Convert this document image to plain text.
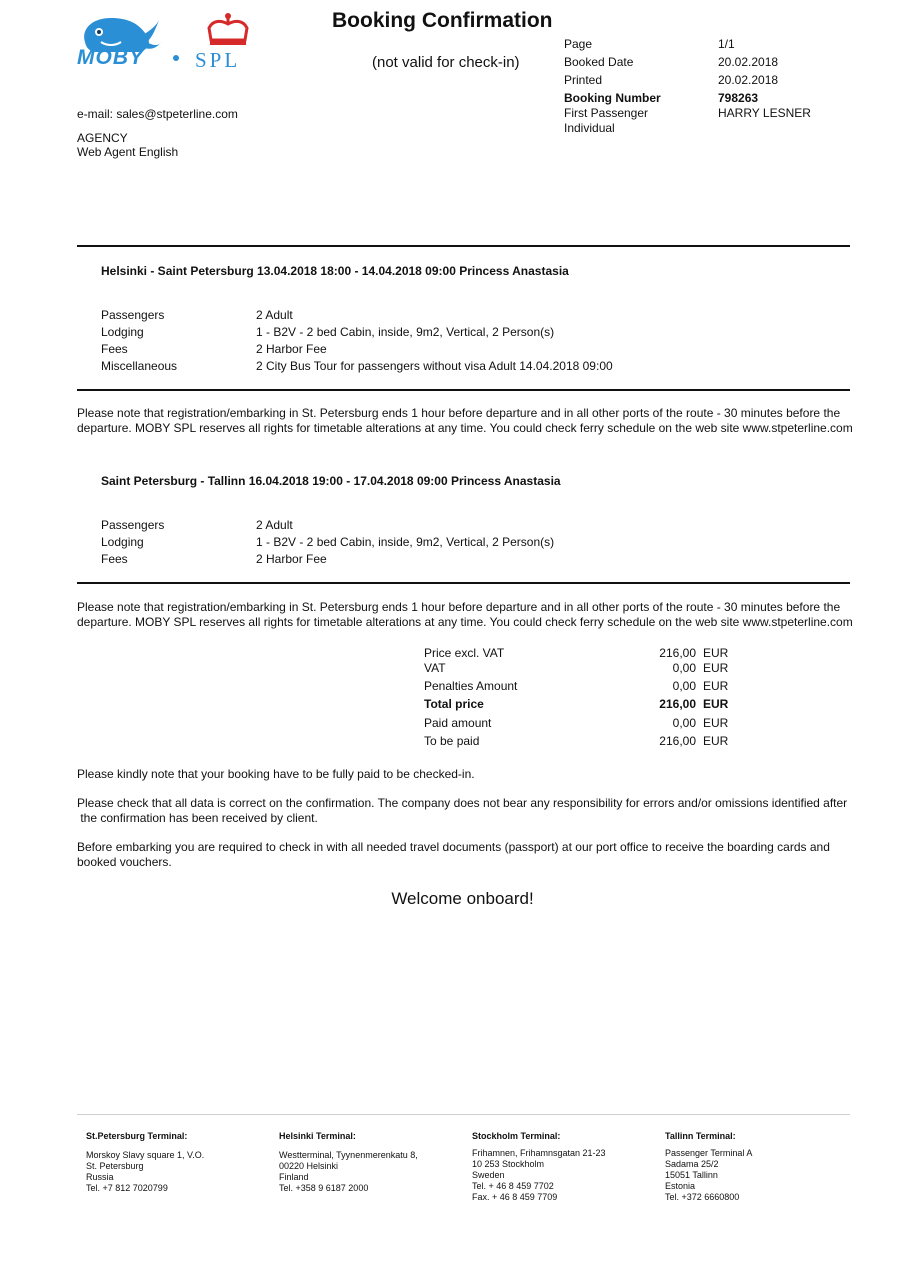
MOBY SPL
Booking Confirmation
(not valid for check-in)
Page	1/1
Booked Date	20.02.2018
Printed	20.02.2018
Booking Number	798263
First Passenger	HARRY LESNER
Individual
e-mail: sales@stpeterline.com
AGENCY
Web Agent English
Helsinki - Saint Petersburg 13.04.2018 18:00 - 14.04.2018 09:00 Princess Anastasia
Passengers	2 Adult
Lodging	1 - B2V - 2 bed Cabin, inside, 9m2, Vertical, 2 Person(s)
Fees	2 Harbor Fee
Miscellaneous	2 City Bus Tour for passengers without visa Adult 14.04.2018 09:00
Please note that registration/embarking in St. Petersburg ends 1 hour before departure and in all other ports of the route - 30 minutes before the
departure. MOBY SPL reserves all rights for timetable alterations at any time. You could check ferry schedule on the web site www.stpeterline.com
Saint Petersburg - Tallinn 16.04.2018 19:00 - 17.04.2018 09:00 Princess Anastasia
Passengers	2 Adult
Lodging	1 - B2V - 2 bed Cabin, inside, 9m2, Vertical, 2 Person(s)
Fees	2 Harbor Fee
Please note that registration/embarking in St. Petersburg ends 1 hour before departure and in all other ports of the route - 30 minutes before the
departure. MOBY SPL reserves all rights for timetable alterations at any time. You could check ferry schedule on the web site www.stpeterline.com
Price excl. VAT	216,00 EUR
VAT	0,00 EUR
Penalties Amount	0,00 EUR
Total price	216,00 EUR
Paid amount	0,00 EUR
To be paid	216,00 EUR
Please kindly note that your booking have to be fully paid to be checked-in.
Please check that all data is correct on the confirmation. The company does not bear any responsibility for errors and/or omissions identified after
the confirmation has been received by client.
Before embarking you are required to check in with all needed travel documents (passport) at our port office to receive the boarding cards and
booked vouchers.
Welcome onboard!
St.Petersburg Terminal:
Morskoy Slavy square 1, V.O.
St. Petersburg
Russia
Tel. +7 812 7020799
Helsinki Terminal:
Westterminal, Tyynenmerenkatu 8,
00220 Helsinki
Finland
Tel. +358 9 6187 2000
Stockholm Terminal:
Frihamnen, Frihamnsgatan 21-23
10 253 Stockholm
Sweden
Tel. + 46 8 459 7702
Fax. + 46 8 459 7709
Tallinn Terminal:
Passenger Terminal A
Sadama 25/2
15051 Tallinn
Estonia
Tel. +372 6660800
